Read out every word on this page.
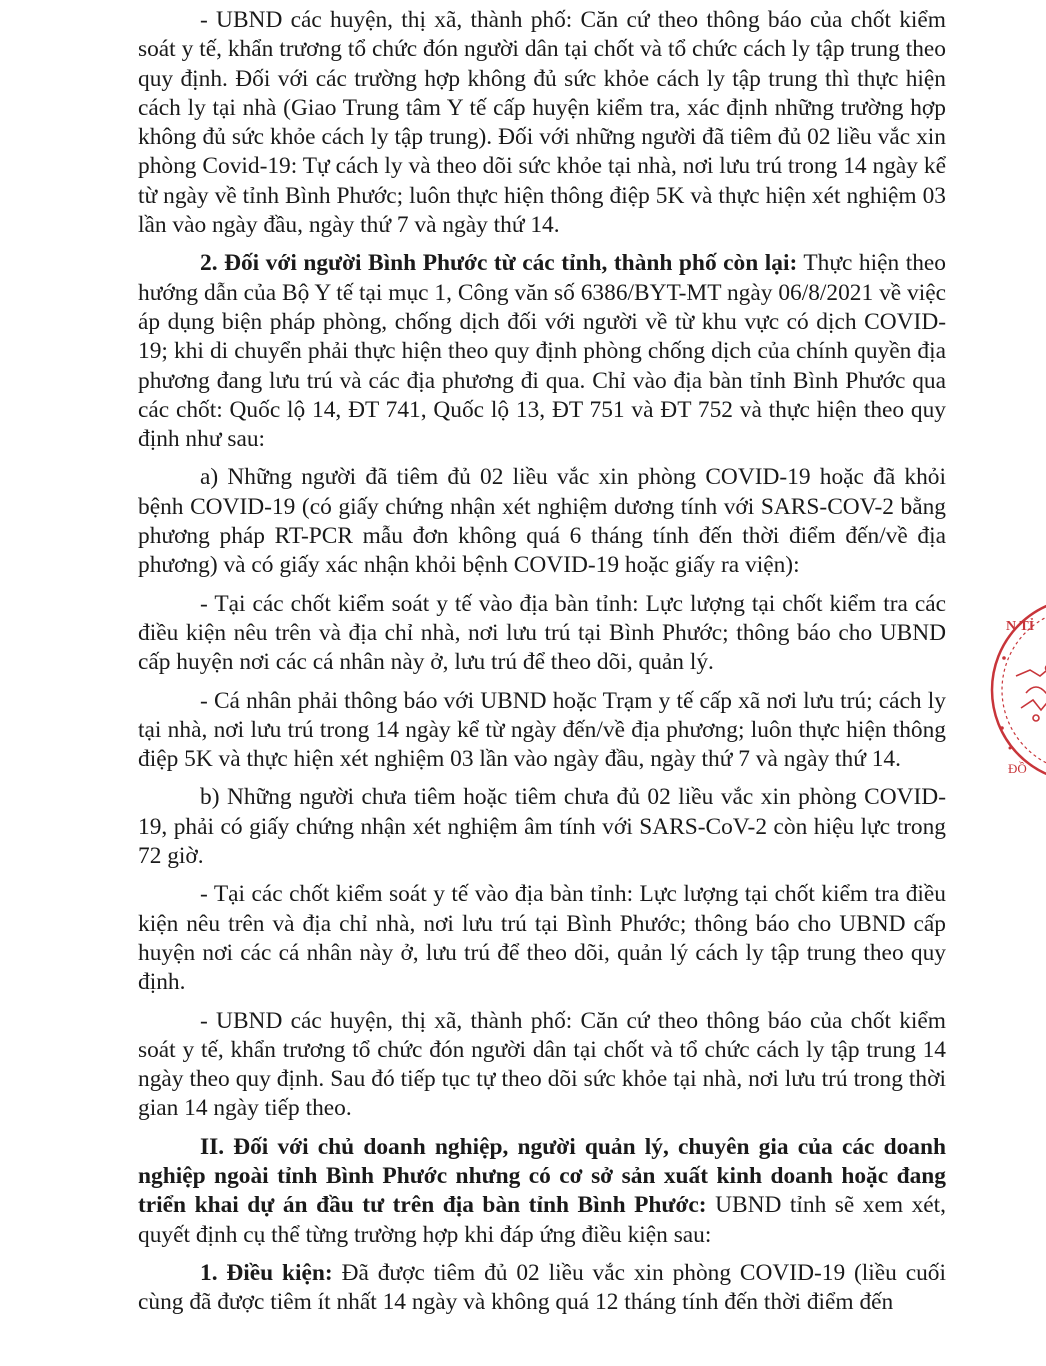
- UBND các huyện, thị xã, thành phố: Căn cứ theo thông báo của chốt kiểm soát y tế, khẩn trương tổ chức đón người dân tại chốt và tổ chức cách ly tập trung theo quy định. Đối với các trường hợp không đủ sức khỏe cách ly tập trung thì thực hiện cách ly tại nhà (Giao Trung tâm Y tế cấp huyện kiểm tra, xác định những trường hợp không đủ sức khỏe cách ly tập trung). Đối với những người đã tiêm đủ 02 liều vắc xin phòng Covid-19: Tự cách ly và theo dõi sức khỏe tại nhà, nơi lưu trú trong 14 ngày kể từ ngày về tỉnh Bình Phước; luôn thực hiện thông điệp 5K và thực hiện xét nghiệm 03 lần vào ngày đầu, ngày thứ 7 và ngày thứ 14.

2. Đối với người Bình Phước từ các tỉnh, thành phố còn lại: Thực hiện theo hướng dẫn của Bộ Y tế tại mục 1, Công văn số 6386/BYT-MT ngày 06/8/2021 về việc áp dụng biện pháp phòng, chống dịch đối với người về từ khu vực có dịch COVID-19; khi di chuyển phải thực hiện theo quy định phòng chống dịch của chính quyền địa phương đang lưu trú và các địa phương đi qua. Chỉ vào địa bàn tỉnh Bình Phước qua các chốt: Quốc lộ 14, ĐT 741, Quốc lộ 13, ĐT 751 và ĐT 752 và thực hiện theo quy định như sau:

a) Những người đã tiêm đủ 02 liều vắc xin phòng COVID-19 hoặc đã khỏi bệnh COVID-19 (có giấy chứng nhận xét nghiệm dương tính với SARS-COV-2 bằng phương pháp RT-PCR mẫu đơn không quá 6 tháng tính đến thời điểm đến/về địa phương) và có giấy xác nhận khỏi bệnh COVID-19 hoặc giấy ra viện):

- Tại các chốt kiểm soát y tế vào địa bàn tỉnh: Lực lượng tại chốt kiểm tra các điều kiện nêu trên và địa chỉ nhà, nơi lưu trú tại Bình Phước; thông báo cho UBND cấp huyện nơi các cá nhân này ở, lưu trú để theo dõi, quản lý.

- Cá nhân phải thông báo với UBND hoặc Trạm y tế cấp xã nơi lưu trú; cách ly tại nhà, nơi lưu trú trong 14 ngày kể từ ngày đến/về địa phương; luôn thực hiện thông điệp 5K và thực hiện xét nghiệm 03 lần vào ngày đầu, ngày thứ 7 và ngày thứ 14.

b) Những người chưa tiêm hoặc tiêm chưa đủ 02 liều vắc xin phòng COVID-19, phải có giấy chứng nhận xét nghiệm âm tính với SARS-CoV-2 còn hiệu lực trong 72 giờ.

- Tại các chốt kiểm soát y tế vào địa bàn tỉnh: Lực lượng tại chốt kiểm tra điều kiện nêu trên và địa chỉ nhà, nơi lưu trú tại Bình Phước; thông báo cho UBND cấp huyện nơi các cá nhân này ở, lưu trú để theo dõi, quản lý cách ly tập trung theo quy định.

- UBND các huyện, thị xã, thành phố: Căn cứ theo thông báo của chốt kiểm soát y tế, khẩn trương tổ chức đón người dân tại chốt và tổ chức cách ly tập trung 14 ngày theo quy định. Sau đó tiếp tục tự theo dõi sức khỏe tại nhà, nơi lưu trú trong thời gian 14 ngày tiếp theo.

II. Đối với chủ doanh nghiệp, người quản lý, chuyên gia của các doanh nghiệp ngoài tỉnh Bình Phước nhưng có cơ sở sản xuất kinh doanh hoặc đang triển khai dự án đầu tư trên địa bàn tỉnh Bình Phước: UBND tỉnh sẽ xem xét, quyết định cụ thể từng trường hợp khi đáp ứng điều kiện sau:

1. Điều kiện: Đã được tiêm đủ 02 liều vắc xin phòng COVID-19 (liều cuối cùng đã được tiêm ít nhất 14 ngày và không quá 12 tháng tính đến thời điểm đến

N TỈ
ĐỒ
